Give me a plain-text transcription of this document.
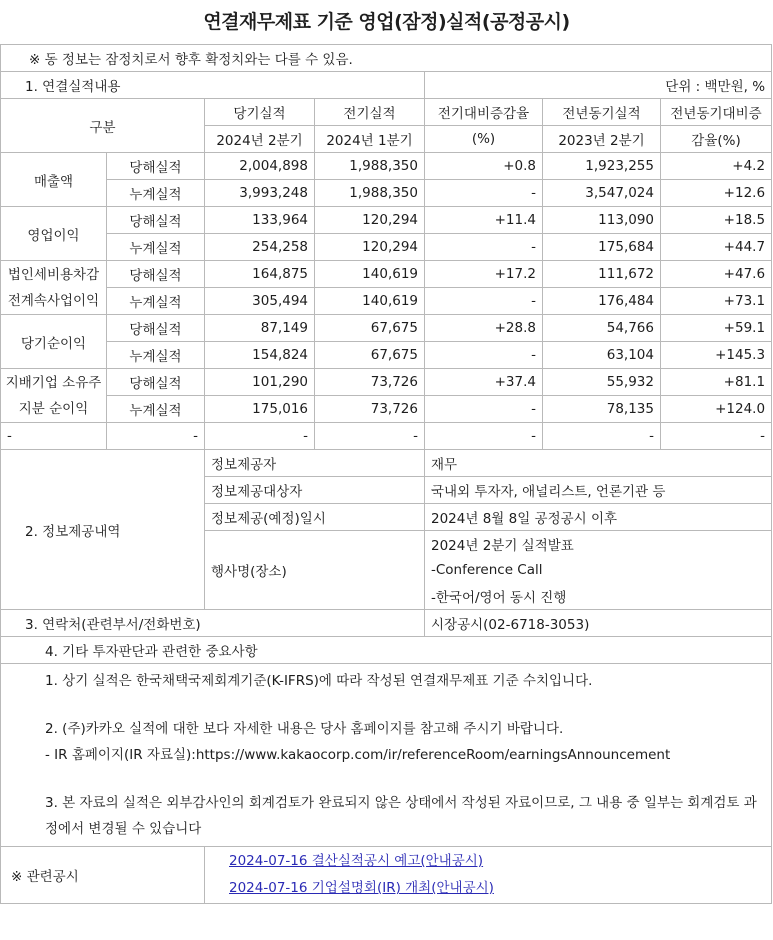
연결재무제표 기준 영업(잠정)실적(공정공시)
※ 동 정보는 잠정치로서 향후 확정치와는 다를 수 있음.						
1. 연결실적내용				단위 : 백만원, %		
구분		당기실적	전기실적	전기대비증감율	전년동기실적	전년동기대비증
		2024년 2분기	2024년 1분기	(%)	2023년 2분기	감율(%)

매출액	당해실적	2,004,898	1,988,350	+0.8	1,923,255	+4.2
	누계실적	3,993,248	1,988,350	-	3,547,024	+12.6

영업이익	당해실적	133,964	120,294	+11.4	113,090	+18.5
	누계실적	254,258	120,294	-	175,684	+44.7

법인세비용차감
전계속사업이익	당해실적	164,875	140,619	+17.2	111,672	+47.6
	누계실적	305,494	140,619	-	176,484	+73.1

당기순이익	당해실적	87,149	67,675	+28.8	54,766	+59.1
	누계실적	154,824	67,675	-	63,104	+145.3

지배기업 소유주
지분 순이익	당해실적	101,290	73,726	+37.4	55,932	+81.1
	누계실적	175,016	73,726	-	78,135	+124.0
-	-	-	-	-	-	-
2. 정보제공내역		정보제공자		재무		
		정보제공대상자		국내외 투자자, 애널리스트, 언론기관 등		
		정보제공(예정)일시		2024년 8월 8일 공정공시 이후		
		행사명(장소)		2024년 2분기 실적발표		
				-Conference Call		
				-한국어/영어 동시 진행		
3. 연락처(관련부서/전화번호)				시장공시(02-6718-3053)		
4. 기타 투자판단과 관련한 중요사항						

1. 상기 실적은 한국채택국제회계기준(K-IFRS)에 따라 작성된 연결재무제표 기준 수치입니다.
2. (주)카카오 실적에 대한 보다 자세한 내용은 당사 홈페이지를 참고해 주시기 바랍니다.
- IR 홈페이지(IR 자료실):https://www.kakaocorp.com/ir/referenceRoom/earningsAnnouncement
3. 본 자료의 실적은 외부감사인의 회계검토가 완료되지 않은 상태에서 작성된 자료이므로, 그 내용 중 일부는 회계검토 과정에서 변경될 수 있습니다						

※ 관련공시		2024-07-16 결산실적공시 예고(안내공시)
2024-07-16 기업설명회(IR) 개최(안내공시)				
